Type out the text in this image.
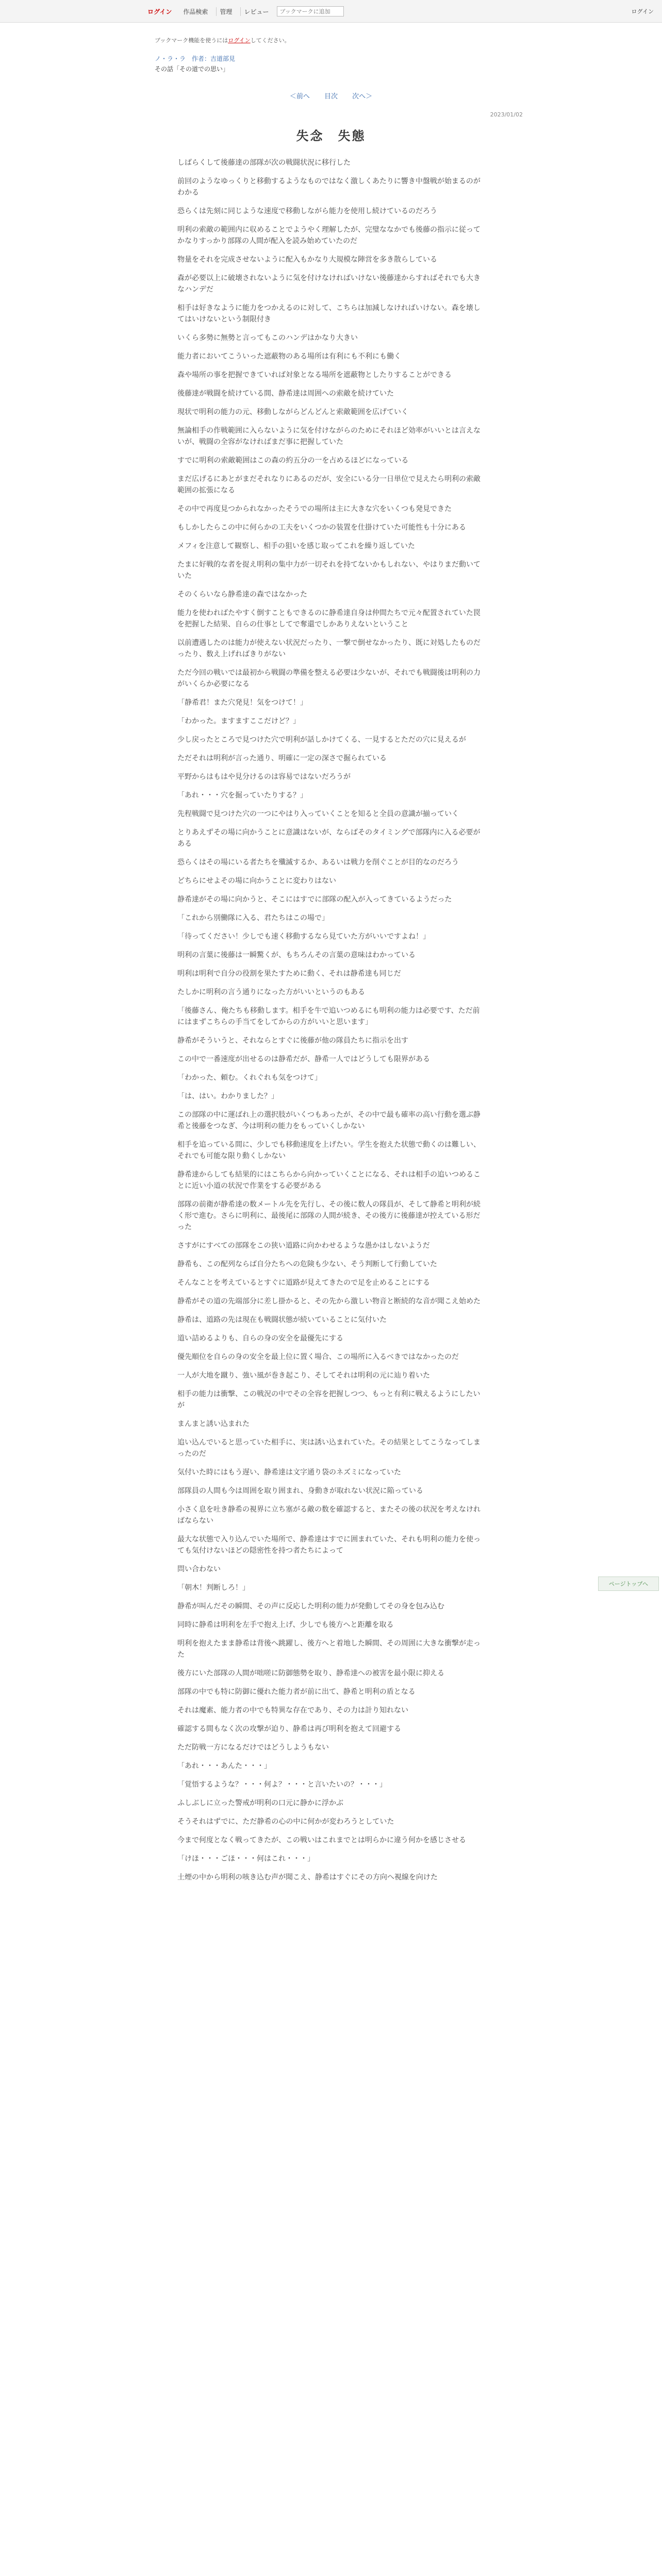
ログイン	作品検索	管理	レビュー
ブックマークに追加	ログイン
ブックマーク機能を使うにはログインしてください。
ノ・ラ・ラ　作者：吉道部見
その話「その道での思い」
＜前へ 目次 次へ＞
2023/01/02
失念　失態

しばらくして後藤達の部隊が次の戦闘状況に移行した

前回のようなゆっくりと移動するようなものではなく激しくあたりに響き中盤戦が始まるのがわかる

恐らくは先刻に同じような速度で移動しながら能力を使用し続けているのだろう

明利の索敵の範囲内に収めることでようやく理解したが、完璧ななかでも後藤の指示に従ってかなりすっかり部隊の人間が配入を読み始めていたのだ

物量をそれを完成させないように配入もかなり大規模な陣営を多き散らしている

森が必要以上に破壊されないように気を付けなければいけない後藤達からすればそれでも大きなハンデだ

相手は好きなように能力をつかえるのに対して、こちらは加減しなければいけない。森を壊してはいけないという制限付き

いくら多勢に無勢と言ってもこのハンデはかなり大きい

能力者においてこういった遮蔽物のある場所は有利にも不利にも働く

森や場所の事を把握できていれば対象となる場所を遮蔽物としたりすることができる

後藤達が戦闘を続けている間、静希達は周囲への索敵を続けていた

現状で明利の能力の元、移動しながらどんどんと索敵範囲を広げていく

無論相手の作戦範囲に入らないように気を付けながらのためにそれほど効率がいいとは言えないが、戦闘の全容がなければまだ事に把握していた

すでに明利の索敵範囲はこの森の約五分の一を占めるほどになっている

まだ広げるにあとがまだそれなりにあるのだが、安全にいる分一日単位で見えたら明利の索敵範囲の拡張になる

その中で再度見つかられなかったそうでの場所は主に大きな穴をいくつも発見できた

もしかしたらこの中に何らかの工夫をいくつかの装置を仕掛けていた可能性も十分にある

メフィを注意して観察し、相手の狙いを感じ取ってこれを繰り返していた

たまに好戦的な者を捉え明利の集中力が一切それを持てないかもしれない、やはりまだ動いていた

そのくらいなら静希達の森ではなかった

能力を使わればたやすく倒すこともできるのに静希達自身は仲間たちで元々配置されていた罠を把握した結果、自らの仕事としてで奪還でしかありえないということ

以前遭遇したのは能力が使えない状況だったり、一撃で倒せなかったり、既に対処したものだったり、数え上げればきりがない

ただ今回の戦いでは最初から戦闘の準備を整える必要は少ないが、それでも戦闘後は明利の力がいくらか必要になる

「静希君！また穴発見！気をつけて！」

「わかった。ますますここだけど？」

少し戻ったところで見つけた穴で明利が話しかけてくる、一見するとただの穴に見えるが

ただそれは明利が言った通り、明確に一定の深さで掘られている

平野からはもはや見分けるのは容易ではないだろうが

「あれ・・・穴を掘っていたりする？」

先程戦闘で見つけた穴の一つにやはり入っていくことを知ると全員の意識が揃っていく

とりあえずその場に向かうことに意識はないが、ならばそのタイミングで部隊内に入る必要がある

恐らくはその場にいる者たちを殲滅するか、あるいは戦力を削ぐことが目的なのだろう

どちらにせよその場に向かうことに変わりはない

静希達がその場に向かうと、そこにはすでに部隊の配入が入ってきているようだった

「これから別働隊に入る、君たちはこの場で」

「待ってください！少しでも速く移動するなら見ていた方がいいですよね！」

明利の言葉に後藤は一瞬驚くが、もちろんその言葉の意味はわかっている

明利は明利で自分の役割を果たすために動く、それは静希達も同じだ

たしかに明利の言う通りになった方がいいというのもある

「後藤さん、俺たちも移動します。相手を牛で追いつめるにも明利の能力は必要です、ただ前にはまずこちらの手当てをしてからの方がいいと思います」

静希がそういうと、それならとすぐに後藤が他の隊員たちに指示を出す

この中で一番速度が出せるのは静希だが、静希一人ではどうしても限界がある

「わかった、頼む。くれぐれも気をつけて」

「は、はい。わかりました？」

この部隊の中に運ばれ上の選択肢がいくつもあったが、その中で最も確率の高い行動を選ぶ静希と後藤をつなぎ、今は明利の能力をもっていくしかない

相手を追っている間に、少しでも移動速度を上げたい。学生を抱えた状態で動くのは難しい、それでも可能な限り動くしかない

静希達からしても結果的にはこちらから向かっていくことになる、それは相手の追いつめることに近い小道の状況で作業をする必要がある

部隊の前衛が静希達の数メートル先を先行し、その後に数人の隊員が、そして静希と明利が続く形で進む。さらに明利に、最後尾に部隊の人間が続き、その後方に後藤達が控えている形だった

さすがにすべての部隊をこの狭い道路に向かわせるような愚かはしないようだ

静希も、この配列ならば自分たちへの危険も少ない、そう判断して行動していた

そんなことを考えているとすぐに道路が見えてきたので足を止めることにする

静希がその道の先端部分に差し掛かると、その先から激しい物音と断続的な音が聞こえ始めた

静希は、道路の先は現在も戦闘状態が続いていることに気付いた

道い詰めるよりも、自らの身の安全を最優先にする

優先順位を自らの身の安全を最上位に置く場合、この場所に入るべきではなかったのだ

一人が大地を蹴り、強い風が巻き起こり、そしてそれは明利の元に辿り着いた

相手の能力は衝撃、この戦況の中でその全容を把握しつつ、もっと有利に戦えるようにしたいが

まんまと誘い込まれた

追い込んでいると思っていた相手に、実は誘い込まれていた。その結果としてこうなってしまったのだ

気付いた時にはもう遅い、静希達は文字通り袋のネズミになっていた

部隊員の人間も今は周囲を取り囲まれ、身動きが取れない状況に陥っている

小さく息を吐き静希の視界に立ち塞がる敵の数を確認すると、またその後の状況を考えなければならない

最大な状態で入り込んでいた場所で、静希達はすでに囲まれていた、それも明利の能力を使っても気付けないほどの隠密性を持つ者たちによって

問い合わない

「朝木！判断しろ！」

静希が叫んだその瞬間、その声に反応した明利の能力が発動してその身を包み込む

同時に静希は明利を左手で抱え上げ、少しでも後方へと距離を取る

明利を抱えたまま静希は背後へ跳躍し、後方へと着地した瞬間、その周囲に大きな衝撃が走った

後方にいた部隊の人間が咄嗟に防御態勢を取り、静希達への被害を最小限に抑える

部隊の中でも特に防御に優れた能力者が前に出て、静希と明利の盾となる

それは魔素、能力者の中でも特異な存在であり、その力は計り知れない

確認する間もなく次の攻撃が迫り、静希は再び明利を抱えて回避する

ただ防戦一方になるだけではどうしようもない

「あれ・・・あんた・・・」

「覚悟するような？・・・何よ？・・・と言いたいの？・・・」

ふしぶしに立った警戒が明利の口元に静かに浮かぶ

そうそれはずでに、ただ静希の心の中に何かが変わろうとしていた

今まで何度となく戦ってきたが、この戦いはこれまでとは明らかに違う何かを感じさせる

「けほ・・・ごほ・・・何はこれ・・・」

土煙の中から明利の咳き込む声が聞こえ、静希はすぐにその方向へ視線を向けた

ページトップへ
